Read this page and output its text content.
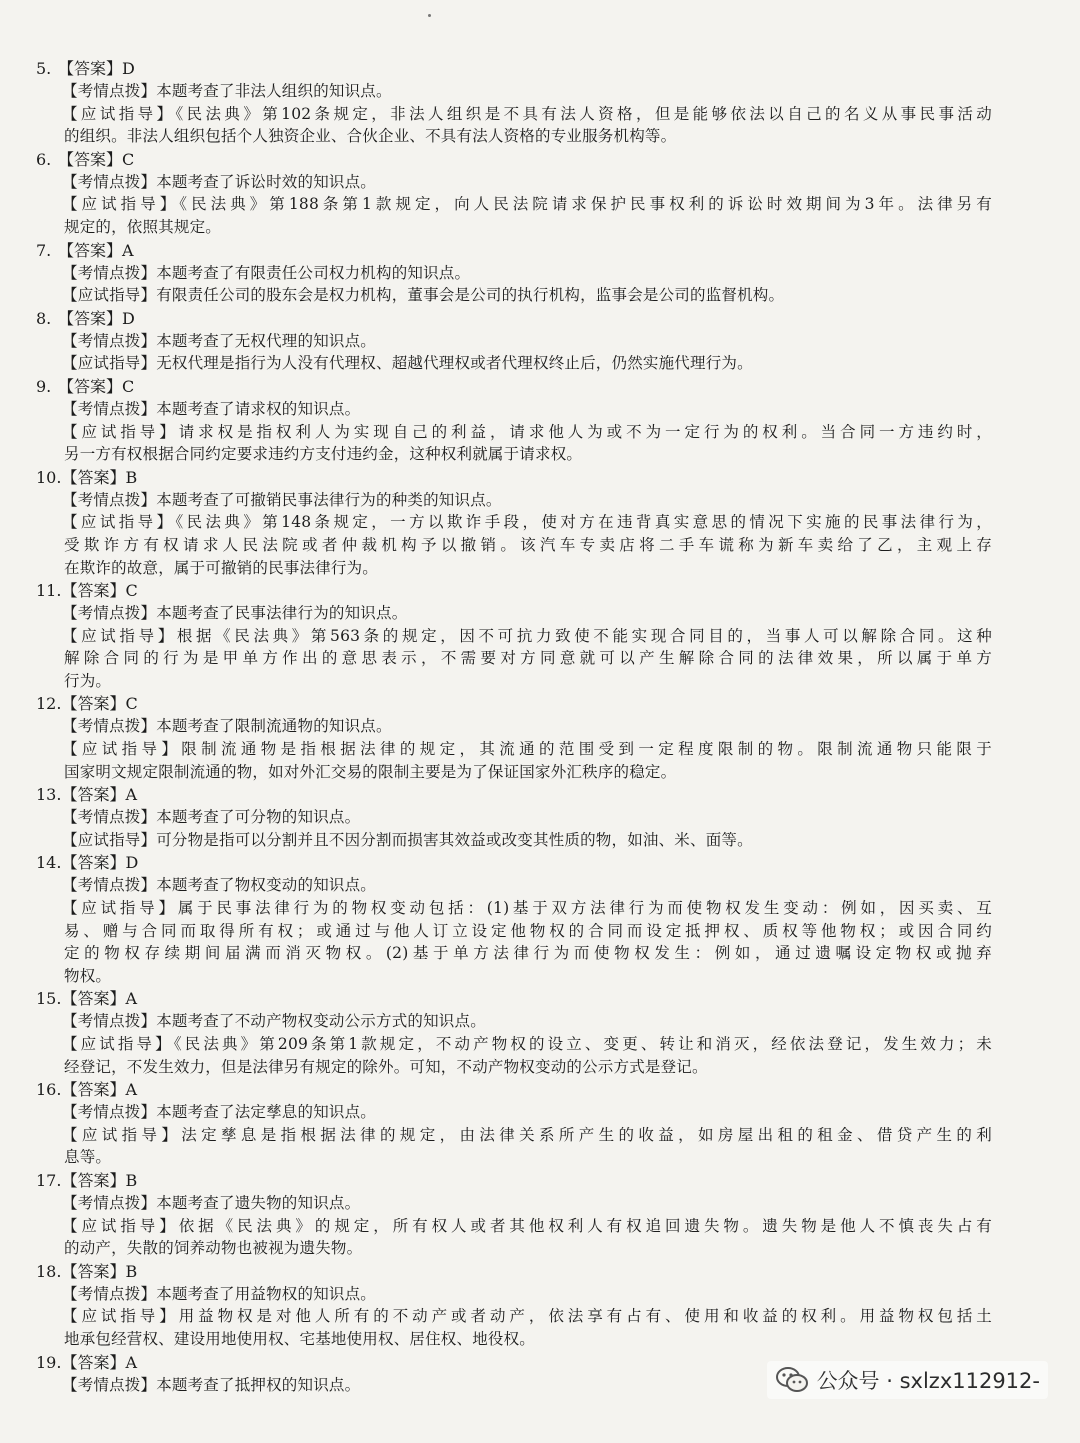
5. 【答案】D
【考情点拨】本题考查了非法人组织的知识点。
【应试指导】《民法典》第102条规定，非法人组织是不具有法人资格，但是能够依法以自己的名义从事民事活动
的组织。非法人组织包括个人独资企业、合伙企业、不具有法人资格的专业服务机构等。
6. 【答案】C
【考情点拨】本题考查了诉讼时效的知识点。
【应试指导】《民法典》第188条第1款规定，向人民法院请求保护民事权利的诉讼时效期间为3年。法律另有
规定的，依照其规定。
7. 【答案】A
【考情点拨】本题考查了有限责任公司权力机构的知识点。
【应试指导】有限责任公司的股东会是权力机构，董事会是公司的执行机构，监事会是公司的监督机构。
8. 【答案】D
【考情点拨】本题考查了无权代理的知识点。
【应试指导】无权代理是指行为人没有代理权、超越代理权或者代理权终止后，仍然实施代理行为。
9. 【答案】C
【考情点拨】本题考查了请求权的知识点。
【应试指导】请求权是指权利人为实现自己的利益，请求他人为或不为一定行为的权利。当合同一方违约时，
另一方有权根据合同约定要求违约方支付违约金，这种权利就属于请求权。
10.【答案】B
【考情点拨】本题考查了可撤销民事法律行为的种类的知识点。
【应试指导】《民法典》第148条规定，一方以欺诈手段，使对方在违背真实意思的情况下实施的民事法律行为，
受欺诈方有权请求人民法院或者仲裁机构予以撤销。该汽车专卖店将二手车谎称为新车卖给了乙，主观上存
在欺诈的故意，属于可撤销的民事法律行为。
11.【答案】C
【考情点拨】本题考查了民事法律行为的知识点。
【应试指导】根据《民法典》第563条的规定，因不可抗力致使不能实现合同目的，当事人可以解除合同。这种
解除合同的行为是甲单方作出的意思表示，不需要对方同意就可以产生解除合同的法律效果，所以属于单方
行为。
12.【答案】C
【考情点拨】本题考查了限制流通物的知识点。
【应试指导】限制流通物是指根据法律的规定，其流通的范围受到一定程度限制的物。限制流通物只能限于
国家明文规定限制流通的物，如对外汇交易的限制主要是为了保证国家外汇秩序的稳定。
13.【答案】A
【考情点拨】本题考查了可分物的知识点。
【应试指导】可分物是指可以分割并且不因分割而损害其效益或改变其性质的物，如油、米、面等。
14.【答案】D
【考情点拨】本题考查了物权变动的知识点。
【应试指导】属于民事法律行为的物权变动包括：(1)基于双方法律行为而使物权发生变动：例如，因买卖、互
易、赠与合同而取得所有权；或通过与他人订立设定他物权的合同而设定抵押权、质权等他物权；或因合同约
定的物权存续期间届满而消灭物权。(2)基于单方法律行为而使物权发生：例如，通过遗嘱设定物权或抛弃
物权。
15.【答案】A
【考情点拨】本题考查了不动产物权变动公示方式的知识点。
【应试指导】《民法典》第209条第1款规定，不动产物权的设立、变更、转让和消灭，经依法登记，发生效力；未
经登记，不发生效力，但是法律另有规定的除外。可知，不动产物权变动的公示方式是登记。
16.【答案】A
【考情点拨】本题考查了法定孳息的知识点。
【应试指导】法定孳息是指根据法律的规定，由法律关系所产生的收益，如房屋出租的租金、借贷产生的利
息等。
17.【答案】B
【考情点拨】本题考查了遗失物的知识点。
【应试指导】依据《民法典》的规定，所有权人或者其他权利人有权追回遗失物。遗失物是他人不慎丧失占有
的动产，失散的饲养动物也被视为遗失物。
18.【答案】B
【考情点拨】本题考查了用益物权的知识点。
【应试指导】用益物权是对他人所有的不动产或者动产，依法享有占有、使用和收益的权利。用益物权包括土
地承包经营权、建设用地使用权、宅基地使用权、居住权、地役权。
19.【答案】A
【考情点拨】本题考查了抵押权的知识点。	公众号 · sxlzx112912-
